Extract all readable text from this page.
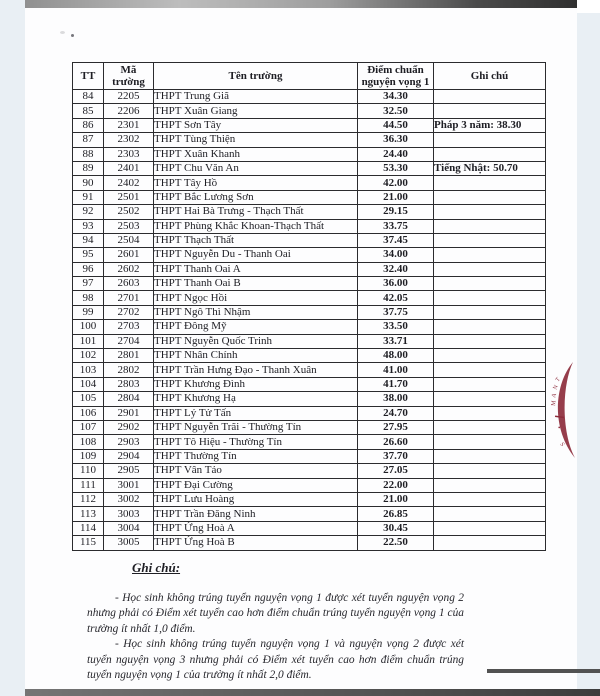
TT	Mã trường	Tên trường	Điểm chuẩn nguyện vọng 1	Ghi chú
84	2205	THPT Trung Giã	34.30	
85	2206	THPT Xuân Giang	32.50	
86	2301	THPT Sơn Tây	44.50	Pháp 3 năm: 38.30
87	2302	THPT Tùng Thiện	36.30	
88	2303	THPT Xuân Khanh	24.40	
89	2401	THPT Chu Văn An	53.30	Tiếng Nhật: 50.70
90	2402	THPT Tây Hồ	42.00	
91	2501	THPT Bắc Lương Sơn	21.00	
92	2502	THPT Hai Bà Trưng - Thạch Thất	29.15	
93	2503	THPT Phùng Khắc Khoan-Thạch Thất	33.75	
94	2504	THPT Thạch Thất	37.45	
95	2601	THPT Nguyễn Du - Thanh Oai	34.00	
96	2602	THPT Thanh Oai A	32.40	
97	2603	THPT Thanh Oai B	36.00	
98	2701	THPT Ngọc Hồi	42.05	
99	2702	THPT Ngô Thì Nhậm	37.75	
100	2703	THPT Đông Mỹ	33.50	
101	2704	THPT Nguyễn Quốc Trinh	33.71	
102	2801	THPT Nhân Chính	48.00	
103	2802	THPT Trần Hưng Đạo - Thanh Xuân	41.00	
104	2803	THPT Khương Đình	41.70	
105	2804	THPT Khương Hạ	38.00	
106	2901	THPT Lý Tử Tấn	24.70	
107	2902	THPT Nguyễn Trãi - Thường Tín	27.95	
108	2903	THPT Tô Hiệu - Thường Tín	26.60	
109	2904	THPT Thường Tín	37.70	
110	2905	THPT Vân Tảo	27.05	
111	3001	THPT Đại Cường	22.00	
112	3002	THPT Lưu Hoàng	21.00	
113	3003	THPT Trần Đăng Ninh	26.85	
114	3004	THPT Ứng Hoà A	30.45	
115	3005	THPT Ứng Hoà B	22.50	
Ghi chú:

- Học sinh không trúng tuyển nguyện vọng 1 được xét tuyển nguyện vọng 2 nhưng phải có Điểm xét tuyển cao hơn điểm chuẩn trúng tuyển nguyện vọng 1 của trường ít nhất 1,0 điểm.

- Học sinh không trúng tuyển nguyện vọng 1 và nguyện vọng 2 được xét tuyển nguyện vọng 3 nhưng phải có Điểm xét tuyển cao hơn điểm chuẩn trúng tuyển nguyện vọng 1 của trường ít nhất 2,0 điểm.

T
N
A
M
•
S
